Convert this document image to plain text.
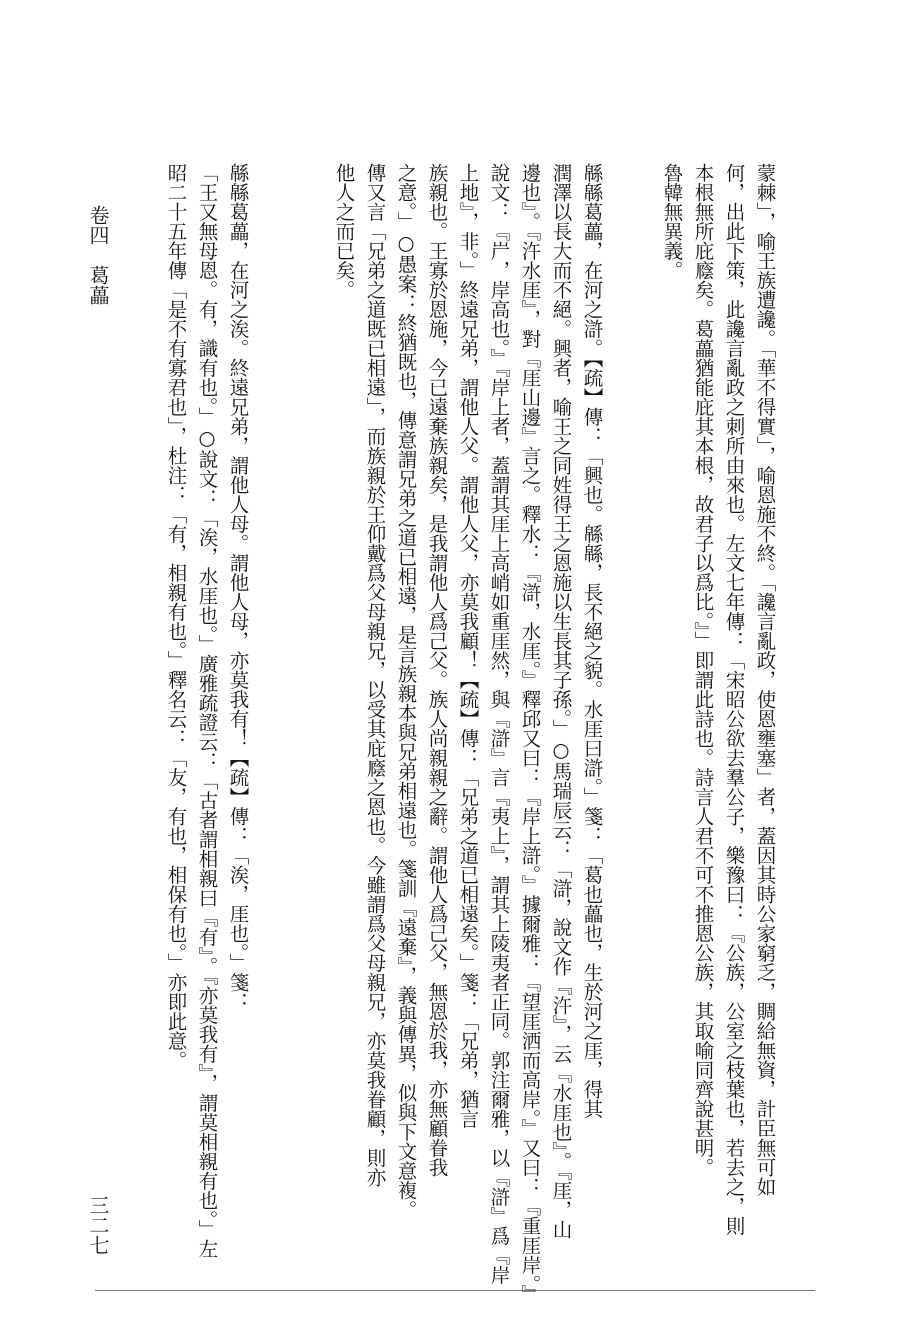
蒙棘」，喻王族遭讒。「華不得實」，喻恩施不終。「讒言亂政，使恩壅塞」者，蓋因其時公家窮乏，賙給無資，計臣無可如
何，出此下策，此讒言亂政之刺所由來也。左文七年傳：「宋昭公欲去羣公子，樂豫曰：『公族，公室之枝葉也，若去之，則
本根無所庇廕矣。葛藟猶能庇其本根，故君子以爲比。』」即謂此詩也。詩言人君不可不推恩公族，其取喻同齊說甚明。
魯韓無異義。
緜緜葛藟，在河之滸。【疏】傳：「興也。緜緜，長不絕之貌。水厓曰滸。」箋：「葛也藟也，生於河之厓，得其
潤澤以長大而不絕。興者，喻王之同姓得王之恩施以生長其子孫。」○馬瑞辰云：「滸，說文作『汻』，云『水厓也』。『厓，山
邊也』。『汻水厓』，對『厓山邊』言之。釋水：『滸，水厓。』釋邱又曰：『岸上滸。』據爾雅：『望厓洒而高岸。』又曰：『重厓岸。』
說文：『屵，岸高也。』『岸上者，蓋謂其厓上高峭如重厓然，與『滸』言『夷上』，謂其上陵夷者正同。郭注爾雅，以『滸』爲『岸
上地』，非。」終遠兄弟，謂他人父。謂他人父，亦莫我顧！【疏】傳：「兄弟之道已相遠矣。」箋：「兄弟，猶言
族親也。王寡於恩施，今已遠棄族親矣，是我謂他人爲己父。族人尚親親之辭。謂他人爲己父，無恩於我，亦無顧眷我
之意。」○愚案：終猶既也，傳意謂兄弟之道已相遠，是言族親本與兄弟相遠也。箋訓『遠棄』，義與傳異，似與下文意複。
傳又言「兄弟之道既已相遠」，而族親於王仰戴爲父母親兄，以受其庇廕之恩也。今雖謂爲父母親兄，亦莫我眷顧，則亦
他人之而已矣。
緜緜葛藟，在河之涘。終遠兄弟，謂他人母。謂他人母，亦莫我有！【疏】傳：「涘，厓也。」箋：
「王又無母恩。有，識有也。」○說文：「涘，水厓也。」廣雅疏證云：「古者謂相親曰『有』。『亦莫我有』，謂莫相親有也。」左
昭二十五年傳「是不有寡君也」，杜注：「有，相親有也。」釋名云：「友，有也，相保有也。」亦即此意。
卷四　葛藟
三二七
